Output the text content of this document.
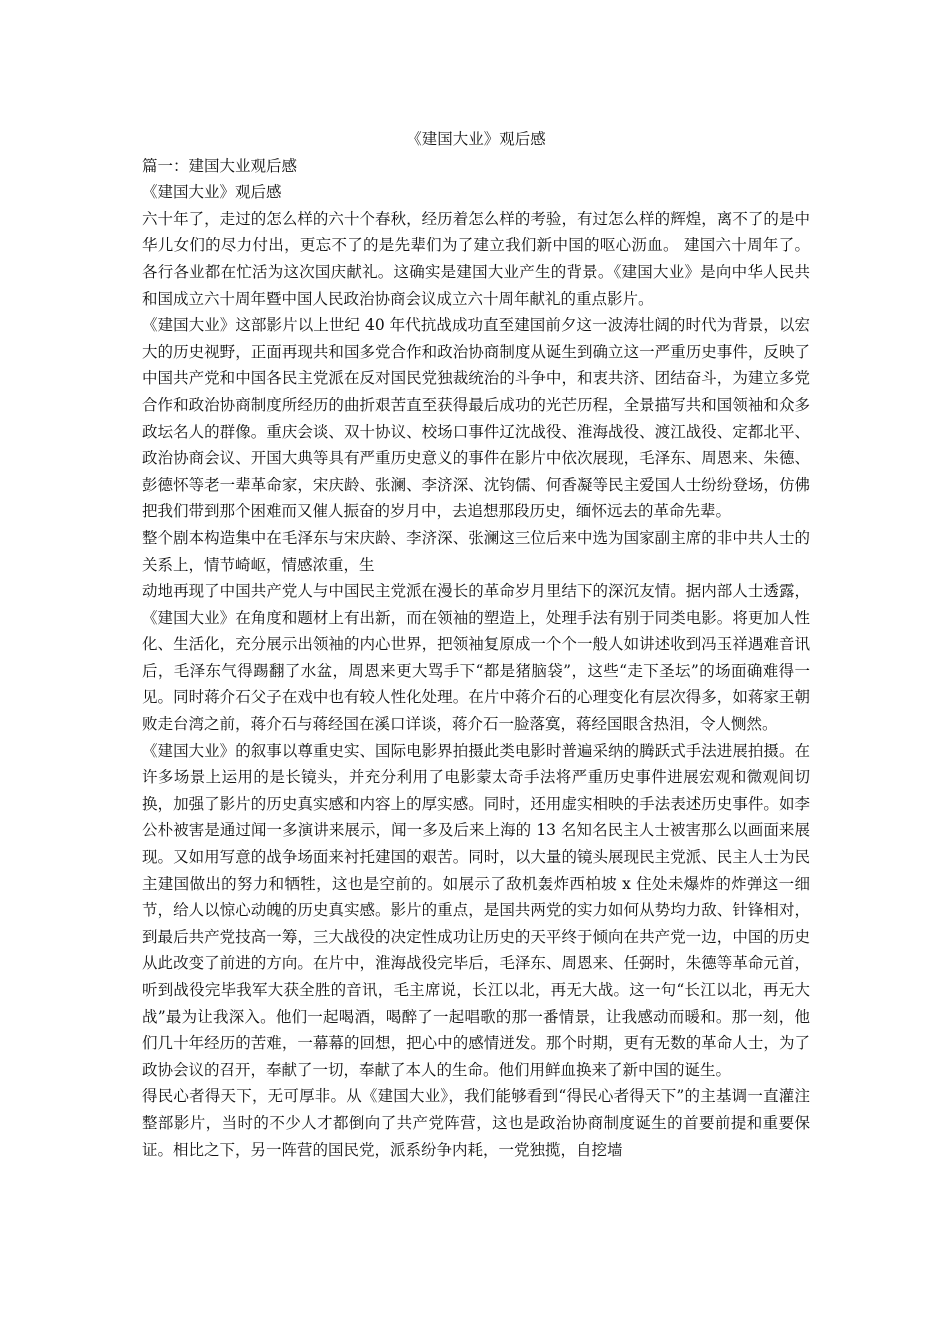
《建国大业》观后感
篇一：建国大业观后感
《建国大业》观后感

六十年了，走过的怎么样的六十个春秋，经历着怎么样的考验，有过怎么样的辉煌，离不了的是中华儿女们的尽力付出，更忘不了的是先辈们为了建立我们新中国的呕心沥血。 建国六十周年了。各行各业都在忙活为这次国庆献礼。这确实是建国大业产生的背景。《建国大业》是向中华人民共和国成立六十周年暨中国人民政治协商会议成立六十周年献礼的重点影片。

《建国大业》这部影片以上世纪 40 年代抗战成功直至建国前夕这一波涛壮阔的时代为背景，以宏大的历史视野，正面再现共和国多党合作和政治协商制度从诞生到确立这一严重历史事件，反映了中国共产党和中国各民主党派在反对国民党独裁统治的斗争中，和衷共济、团结奋斗，为建立多党合作和政治协商制度所经历的曲折艰苦直至获得最后成功的光芒历程，全景描写共和国领袖和众多政坛名人的群像。重庆会谈、双十协议、校场口事件辽沈战役、淮海战役、渡江战役、定都北平、政治协商会议、开国大典等具有严重历史意义的事件在影片中依次展现，毛泽东、周恩来、朱德、彭德怀等老一辈革命家，宋庆龄、张澜、李济深、沈钧儒、何香凝等民主爱国人士纷纷登场，仿佛把我们带到那个困难而又催人振奋的岁月中，去追想那段历史，缅怀远去的革命先辈。

整个剧本构造集中在毛泽东与宋庆龄、李济深、张澜这三位后来中选为国家副主席的非中共人士的关系上，情节崎岖，情感浓重，生

动地再现了中国共产党人与中国民主党派在漫长的革命岁月里结下的深沉友情。据内部人士透露，《建国大业》在角度和题材上有出新，而在领袖的塑造上，处理手法有别于同类电影。将更加人性化、生活化，充分展示出领袖的内心世界，把领袖复原成一个个一般人如讲述收到冯玉祥遇难音讯后，毛泽东气得踢翻了水盆，周恩来更大骂手下“都是猪脑袋”，这些“走下圣坛”的场面确难得一见。同时蒋介石父子在戏中也有较人性化处理。在片中蒋介石的心理变化有层次得多，如蒋家王朝败走台湾之前，蒋介石与蒋经国在溪口详谈，蒋介石一脸落寞，蒋经国眼含热泪，令人恻然。

《建国大业》的叙事以尊重史实、国际电影界拍摄此类电影时普遍采纳的腾跃式手法进展拍摄。在许多场景上运用的是长镜头，并充分利用了电影蒙太奇手法将严重历史事件进展宏观和微观间切换，加强了影片的历史真实感和内容上的厚实感。同时，还用虚实相映的手法表述历史事件。如李公朴被害是通过闻一多演讲来展示，闻一多及后来上海的 13 名知名民主人士被害那么以画面来展现。又如用写意的战争场面来衬托建国的艰苦。同时，以大量的镜头展现民主党派、民主人士为民主建国做出的努力和牺牲，这也是空前的。如展示了敌机轰炸西柏坡 x 住处未爆炸的炸弹这一细节，给人以惊心动魄的历史真实感。影片的重点，是国共两党的实力如何从势均力敌、针锋相对，到最后共产党技高一筹，三大战役的决定性成功让历史的天平终于倾向在共产党一边，中国的历史从此改变了前进的方向。在片中，淮海战役完毕后，毛泽东、周恩来、任弼时，朱德等革命元首，听到战役完毕我军大获全胜的音讯，毛主席说，长江以北，再无大战。这一句“长江以北，再无大战”最为让我深入。他们一起喝酒，喝醉了一起唱歌的那一番情景，让我感动而暖和。那一刻，他们几十年经历的苦难，一幕幕的回想，把心中的感情迸发。那个时期，更有无数的革命人士，为了政协会议的召开，奉献了一切，奉献了本人的生命。他们用鲜血换来了新中国的诞生。

得民心者得天下，无可厚非。从《建国大业》，我们能够看到“得民心者得天下”的主基调一直灌注整部影片，当时的不少人才都倒向了共产党阵营，这也是政治协商制度诞生的首要前提和重要保证。相比之下，另一阵营的国民党，派系纷争内耗，一党独揽，自挖墙
